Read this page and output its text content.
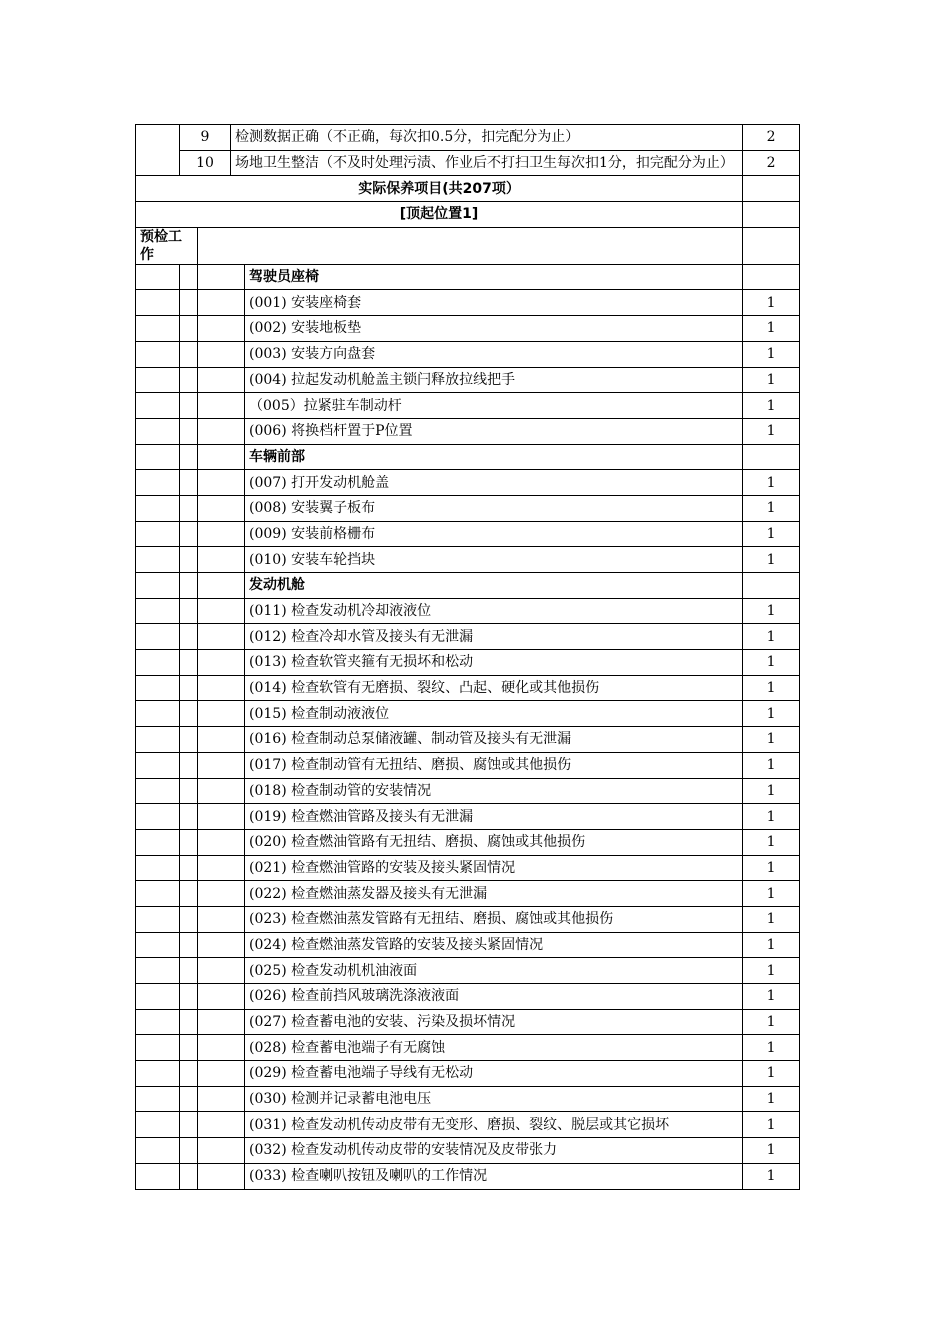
	9		检测数据正确（不正确，每次扣0.5分，扣完配分为止）		2
	10		场地卫生整洁（不及时处理污渍、作业后不打扫卫生每次扣1分，扣完配分为止）		2
实际保养项目(共207项）					
[顶起位置1]					
预检工作					
				驾驶员座椅	
				(001) 安装座椅套	1
				(002) 安装地板垫	1
				(003) 安装方向盘套	1
				(004) 拉起发动机舱盖主锁闩释放拉线把手	1
				（005）拉紧驻车制动杆	1
				(006) 将换档杆置于P位置	1
				车辆前部	
				(007) 打开发动机舱盖	1
				(008) 安装翼子板布	1
				(009) 安装前格栅布	1
				(010) 安装车轮挡块	1
				发动机舱	
				(011) 检查发动机冷却液液位	1
				(012) 检查冷却水管及接头有无泄漏	1
				(013) 检查软管夹箍有无损坏和松动	1
				(014) 检查软管有无磨损、裂纹、凸起、硬化或其他损伤	1
				(015) 检查制动液液位	1
				(016) 检查制动总泵储液罐、制动管及接头有无泄漏	1
				(017) 检查制动管有无扭结、磨损、腐蚀或其他损伤	1
				(018) 检查制动管的安装情况	1
				(019) 检查燃油管路及接头有无泄漏	1
				(020) 检查燃油管路有无扭结、磨损、腐蚀或其他损伤	1
				(021) 检查燃油管路的安装及接头紧固情况	1
				(022) 检查燃油蒸发器及接头有无泄漏	1
				(023) 检查燃油蒸发管路有无扭结、磨损、腐蚀或其他损伤	1
				(024) 检查燃油蒸发管路的安装及接头紧固情况	1
				(025) 检查发动机机油液面	1
				(026) 检查前挡风玻璃洗涤液液面	1
				(027) 检查蓄电池的安装、污染及损坏情况	1
				(028) 检查蓄电池端子有无腐蚀	1
				(029) 检查蓄电池端子导线有无松动	1
				(030) 检测并记录蓄电池电压	1
				(031) 检查发动机传动皮带有无变形、磨损、裂纹、脱层或其它损坏	1
				(032) 检查发动机传动皮带的安装情况及皮带张力	1
				(033) 检查喇叭按钮及喇叭的工作情况	1
